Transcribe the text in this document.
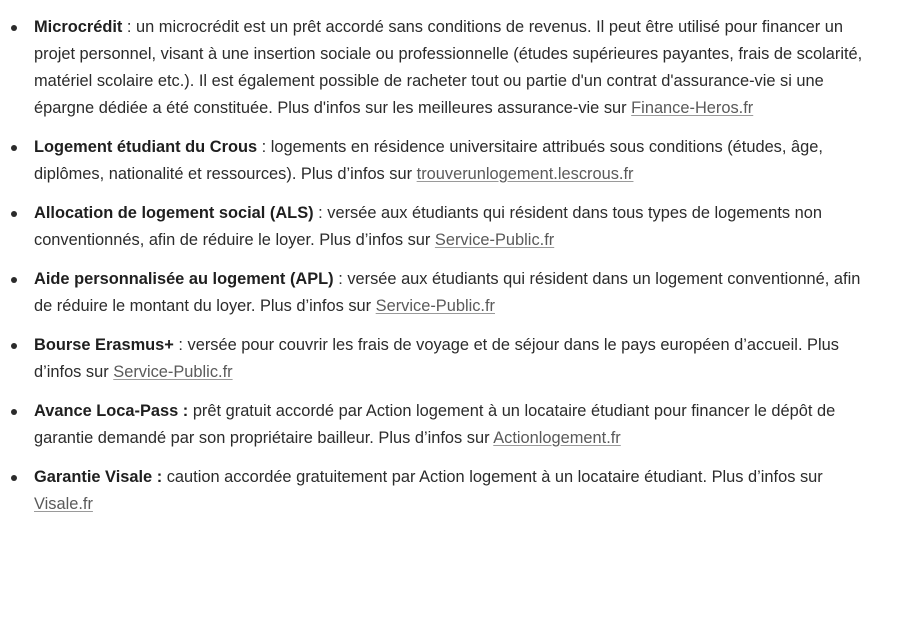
Microcrédit : un microcrédit est un prêt accordé sans conditions de revenus. Il peut être utilisé pour financer un projet personnel, visant à une insertion sociale ou professionnelle (études supérieures payantes, frais de scolarité, matériel scolaire etc.). Il est également possible de racheter tout ou partie d'un contrat d'assurance-vie si une épargne dédiée a été constituée. Plus d'infos sur les meilleures assurance-vie sur Finance-Heros.fr
Logement étudiant du Crous : logements en résidence universitaire attribués sous conditions (études, âge, diplômes, nationalité et ressources). Plus d’infos sur trouverunlogement.lescrous.fr
Allocation de logement social (ALS) : versée aux étudiants qui résident dans tous types de logements non conventionnés, afin de réduire le loyer. Plus d’infos sur Service-Public.fr
Aide personnalisée au logement (APL) : versée aux étudiants qui résident dans un logement conventionné, afin de réduire le montant du loyer. Plus d’infos sur Service-Public.fr
Bourse Erasmus+ : versée pour couvrir les frais de voyage et de séjour dans le pays européen d’accueil. Plus d’infos sur Service-Public.fr
Avance Loca-Pass : prêt gratuit accordé par Action logement à un locataire étudiant pour financer le dépôt de garantie demandé par son propriétaire bailleur. Plus d’infos sur Actionlogement.fr
Garantie Visale : caution accordée gratuitement par Action logement à un locataire étudiant. Plus d’infos sur Visale.fr
